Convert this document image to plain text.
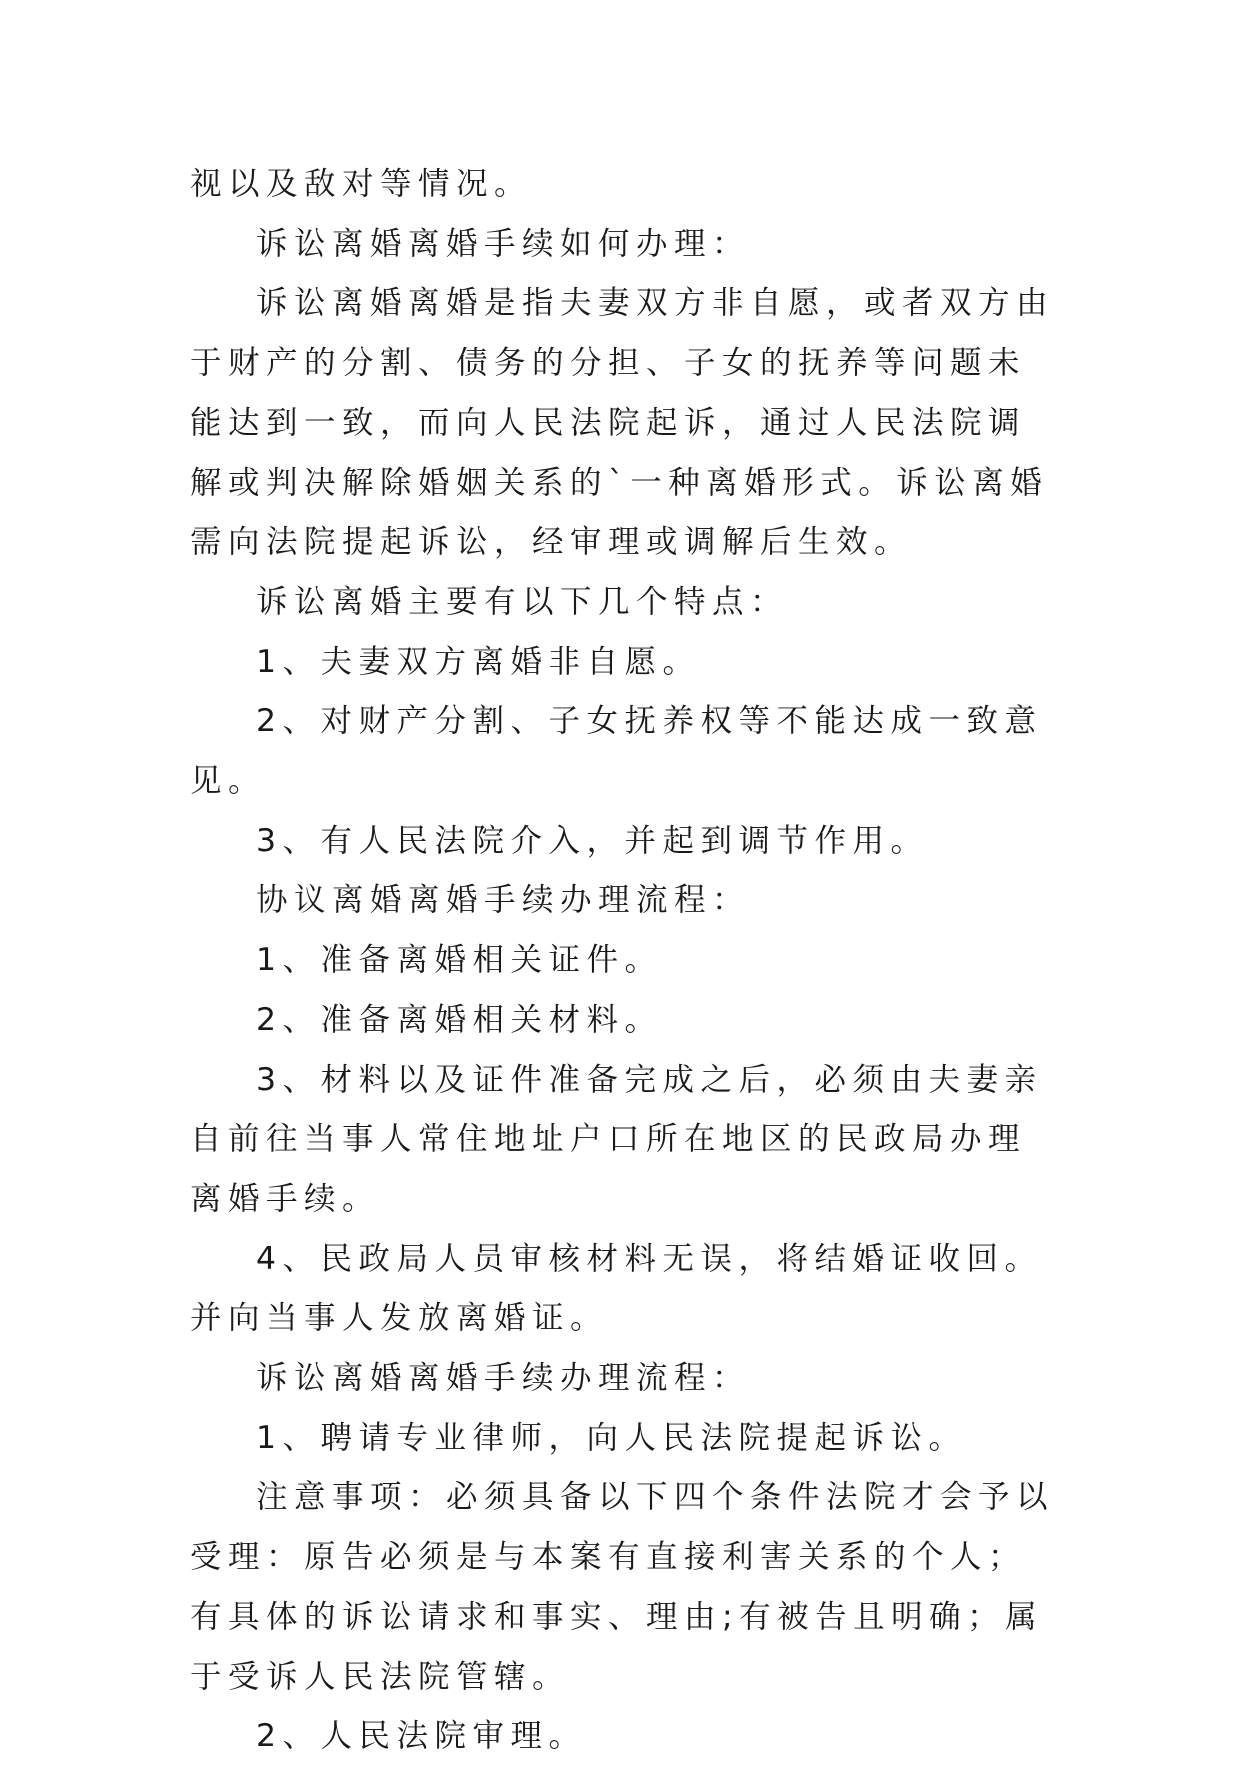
视以及敌对等情况。

诉讼离婚离婚手续如何办理：

诉讼离婚离婚是指夫妻双方非自愿，或者双方由于财产的分割、债务的分担、子女的抚养等问题未能达到一致，而向人民法院起诉，通过人民法院调解或判决解除婚姻关系的`一种离婚形式。诉讼离婚需向法院提起诉讼，经审理或调解后生效。

诉讼离婚主要有以下几个特点：

1、夫妻双方离婚非自愿。

2、对财产分割、子女抚养权等不能达成一致意见。

3、有人民法院介入，并起到调节作用。

协议离婚离婚手续办理流程：

1、准备离婚相关证件。

2、准备离婚相关材料。

3、材料以及证件准备完成之后，必须由夫妻亲自前往当事人常住地址户口所在地区的民政局办理离婚手续。

4、民政局人员审核材料无误，将结婚证收回。并向当事人发放离婚证。

诉讼离婚离婚手续办理流程：

1、聘请专业律师，向人民法院提起诉讼。

注意事项：必须具备以下四个条件法院才会予以受理：原告必须是与本案有直接利害关系的个人；有具体的诉讼请求和事实、理由;有被告且明确；属于受诉人民法院管辖。

2、人民法院审理。
